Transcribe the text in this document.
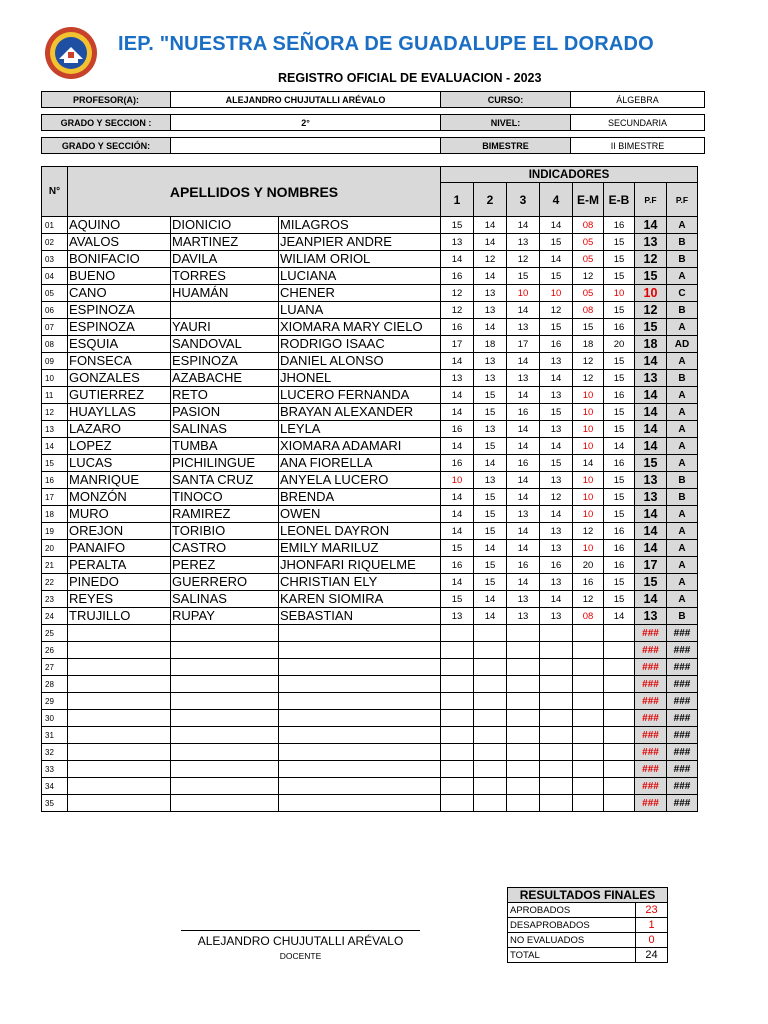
IEP. "NUESTRA SEÑORA DE GUADALUPE EL DORADO
REGISTRO OFICIAL DE EVALUACION - 2023
PROFESOR(A):	ALEJANDRO CHUJUTALLI ARÉVALO	CURSO:	ÁLGEBRA
GRADO Y SECCION :	2°	NIVEL:	SECUNDARIA
GRADO Y SECCIÓN:		BIMESTRE	II BIMESTRE
N°	APELLIDOS Y NOMBRES			INDICADORES							
				1	2	3	4	E-M	E-B	P.F	P.F
01	AQUINO	DIONICIO	MILAGROS	15	14	14	14	08	16	14	A
02	AVALOS	MARTINEZ	JEANPIER ANDRE	13	14	13	15	05	15	13	B
03	BONIFACIO	DAVILA	WILIAM ORIOL	14	12	12	14	05	15	12	B
04	BUENO	TORRES	LUCIANA	16	14	15	15	12	15	15	A
05	CANO	HUAMÁN	CHENER	12	13	10	10	05	10	10	C
06	ESPINOZA		LUANA	12	13	14	12	08	15	12	B
07	ESPINOZA	YAURI	XIOMARA MARY CIELO	16	14	13	15	15	16	15	A
08	ESQUIA	SANDOVAL	RODRIGO ISAAC	17	18	17	16	18	20	18	AD
09	FONSECA	ESPINOZA	DANIEL ALONSO	14	13	14	13	12	15	14	A
10	GONZALES	AZABACHE	JHONEL	13	13	13	14	12	15	13	B
11	GUTIERREZ	RETO	LUCERO FERNANDA	14	15	14	13	10	16	14	A
12	HUAYLLAS	PASION	BRAYAN ALEXANDER	14	15	16	15	10	15	14	A
13	LAZARO	SALINAS	LEYLA	16	13	14	13	10	15	14	A
14	LOPEZ	TUMBA	XIOMARA ADAMARI	14	15	14	14	10	14	14	A
15	LUCAS	PICHILINGUE	ANA FIORELLA	16	14	16	15	14	16	15	A
16	MANRIQUE	SANTA CRUZ	ANYELA LUCERO	10	13	14	13	10	15	13	B
17	MONZÓN	TINOCO	BRENDA	14	15	14	12	10	15	13	B
18	MURO	RAMIREZ	OWEN	14	15	13	14	10	15	14	A
19	OREJON	TORIBIO	LEONEL DAYRON	14	15	14	13	12	16	14	A
20	PANAIFO	CASTRO	EMILY MARILUZ	15	14	14	13	10	16	14	A
21	PERALTA	PEREZ	JHONFARI RIQUELME	16	15	16	16	20	16	17	A
22	PINEDO	GUERRERO	CHRISTIAN ELY	14	15	14	13	16	15	15	A
23	REYES	SALINAS	KAREN SIOMIRA	15	14	13	14	12	15	14	A
24	TRUJILLO	RUPAY	SEBASTIAN	13	14	13	13	08	14	13	B
25										###	###
26										###	###
27										###	###
28										###	###
29										###	###
30										###	###
31										###	###
32										###	###
33										###	###
34										###	###
35										###	###
RESULTADOS FINALES	
APROBADOS	23
DESAPROBADOS	1
NO EVALUADOS	0
TOTAL	24
ALEJANDRO CHUJUTALLI ARÉVALO
DOCENTE
